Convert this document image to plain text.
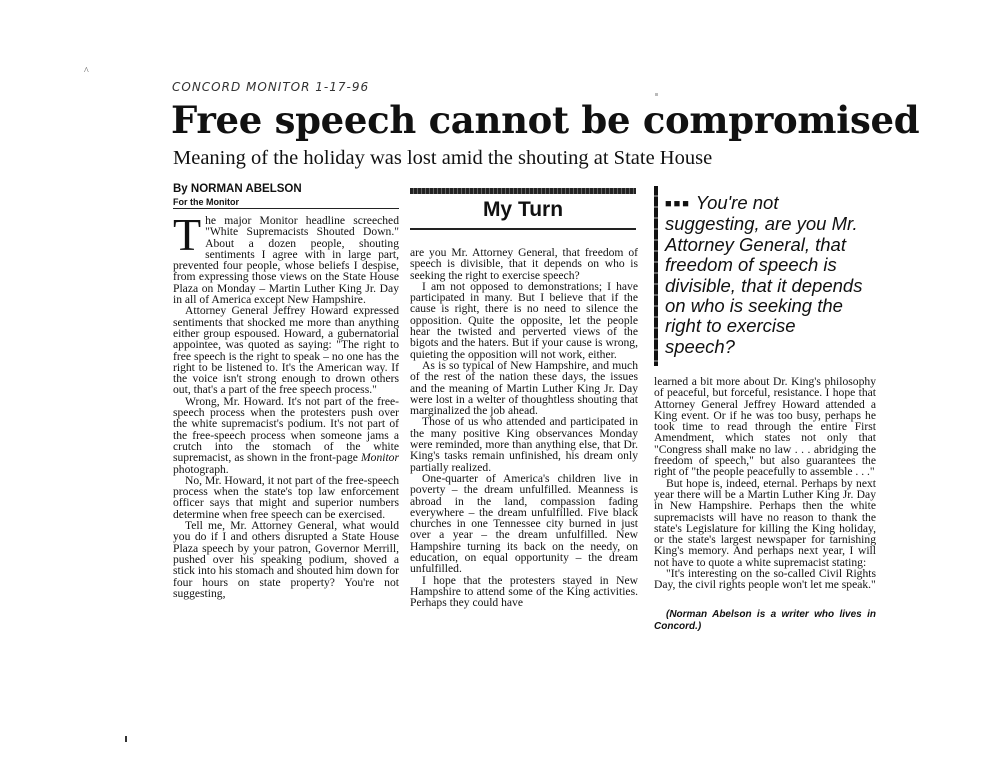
^
CONCORD MONITOR 1-17-96
Free speech cannot be compromised
Meaning of the holiday was lost amid the shouting at State House
By NORMAN ABELSON
For the Monitor
T he major Monitor headline screeched "White Supremacists Shouted Down." About a dozen people, shouting sentiments I agree with in large part, prevented four people, whose beliefs I despise, from expressing those views on the State House Plaza on Monday – Martin Luther King Jr. Day in all of America except New Hampshire.

Attorney General Jeffrey Howard expressed sentiments that shocked me more than anything either group espoused. Howard, a gubernatorial appointee, was quoted as saying: "The right to free speech is the right to speak – no one has the right to be listened to. It's the American way. If the voice isn't strong enough to drown others out, that's a part of the free speech process."

Wrong, Mr. Howard. It's not part of the free-speech process when the protesters push over the white supremacist's podium. It's not part of the free-speech process when someone jams a crutch into the stomach of the white supremacist, as shown in the front-page Monitor photograph.

No, Mr. Howard, it not part of the free-speech process when the state's top law enforcement officer says that might and superior numbers determine when free speech can be exercised.

Tell me, Mr. Attorney General, what would you do if I and others disrupted a State House Plaza speech by your patron, Governor Merrill, pushed over his speaking podium, shoved a stick into his stomach and shouted him down for four hours on state property? You're not suggesting,

My Turn

are you Mr. Attorney General, that freedom of speech is divisible, that it depends on who is seeking the right to exercise speech?

I am not opposed to demonstrations; I have participated in many. But I believe that if the cause is right, there is no need to silence the opposition. Quite the opposite, let the people hear the twisted and perverted views of the bigots and the haters. But if your cause is wrong, quieting the opposition will not work, either.

As is so typical of New Hampshire, and much of the rest of the nation these days, the issues and the meaning of Martin Luther King Jr. Day were lost in a welter of thoughtless shouting that marginalized the job ahead.

Those of us who attended and participated in the many positive King observances Monday were reminded, more than anything else, that Dr. King's tasks remain unfinished, his dream only partially realized.

One-quarter of America's children live in poverty – the dream unfulfilled. Meanness is abroad in the land, compassion fading everywhere – the dream unfulfilled. Five black churches in one Tennessee city burned in just over a year – the dream unfulfilled. New Hampshire turning its back on the needy, on education, on equal opportunity – the dream unfulfilled.

I hope that the protesters stayed in New Hampshire to attend some of the King activities. Perhaps they could have

■■■ You're not suggesting, are you Mr. Attorney General, that freedom of speech is divisible, that it depends on who is seeking the right to exercise speech?

learned a bit more about Dr. King's philosophy of peaceful, but forceful, resistance. I hope that Attorney General Jeffrey Howard attended a King event. Or if he was too busy, perhaps he took time to read through the entire First Amendment, which states not only that "Congress shall make no law . . . abridging the freedom of speech," but also guarantees the right of "the people peacefully to assemble . . ."

But hope is, indeed, eternal. Perhaps by next year there will be a Martin Luther King Jr. Day in New Hampshire. Perhaps then the white supremacists will have no reason to thank the state's Legislature for killing the King holiday, or the state's largest newspaper for tarnishing King's memory. And perhaps next year, I will not have to quote a white supremacist stating:

"It's interesting on the so-called Civil Rights Day, the civil rights people won't let me speak."

(Norman Abelson is a writer who lives in Concord.)
